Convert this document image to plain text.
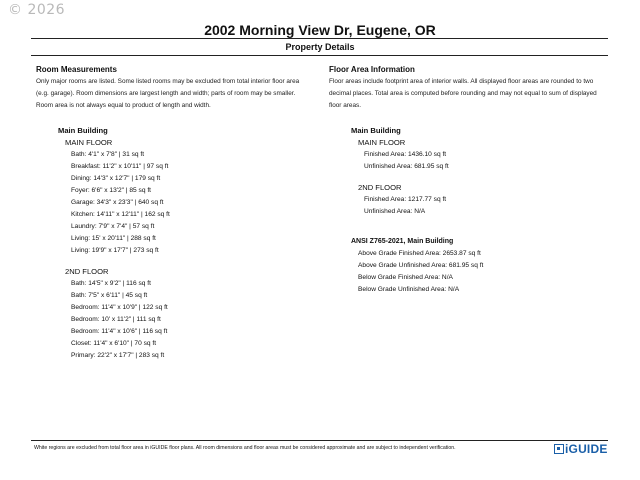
© 2026
2002 Morning View Dr, Eugene, OR
Property Details
Room Measurements
Only major rooms are listed. Some listed rooms may be excluded from total interior floor area
(e.g. garage). Room dimensions are largest length and width; parts of room may be smaller.
Room area is not always equal to product of length and width.
Main Building
MAIN FLOOR
Bath: 4'1" x 7'8" | 31 sq ft
Breakfast: 11'2" x 10'11" | 97 sq ft
Dining: 14'3" x 12'7" | 179 sq ft
Foyer: 6'6" x 13'2" | 85 sq ft
Garage: 34'3" x 23'3" | 640 sq ft
Kitchen: 14'11" x 12'11" | 162 sq ft
Laundry: 7'9" x 7'4" | 57 sq ft
Living: 15' x 20'11" | 288 sq ft
Living: 19'9" x 17'7" | 273 sq ft
2ND FLOOR
Bath: 14'5" x 9'2" | 116 sq ft
Bath: 7'5" x 6'11" | 45 sq ft
Bedroom: 11'4" x 10'9" | 122 sq ft
Bedroom: 10' x 11'2" | 111 sq ft
Bedroom: 11'4" x 10'6" | 116 sq ft
Closet: 11'4" x 6'10" | 70 sq ft
Primary: 22'2" x 17'7" | 283 sq ft
Floor Area Information
Floor areas include footprint area of interior walls. All displayed floor areas are rounded to two
decimal places. Total area is computed before rounding and may not equal to sum of displayed
floor areas.
Main Building
MAIN FLOOR
Finished Area: 1436.10 sq ft
Unfinished Area: 681.95 sq ft
2ND FLOOR
Finished Area: 1217.77 sq ft
Unfinished Area: N/A
ANSI Z765-2021, Main Building
Above Grade Finished Area: 2653.87 sq ft
Above Grade Unfinished Area: 681.95 sq ft
Below Grade Finished Area: N/A
Below Grade Unfinished Area: N/A
White regions are excluded from total floor area in iGUIDE floor plans. All room dimensions and floor areas must be considered approximate and are subject to independent verification.	iGUIDE
